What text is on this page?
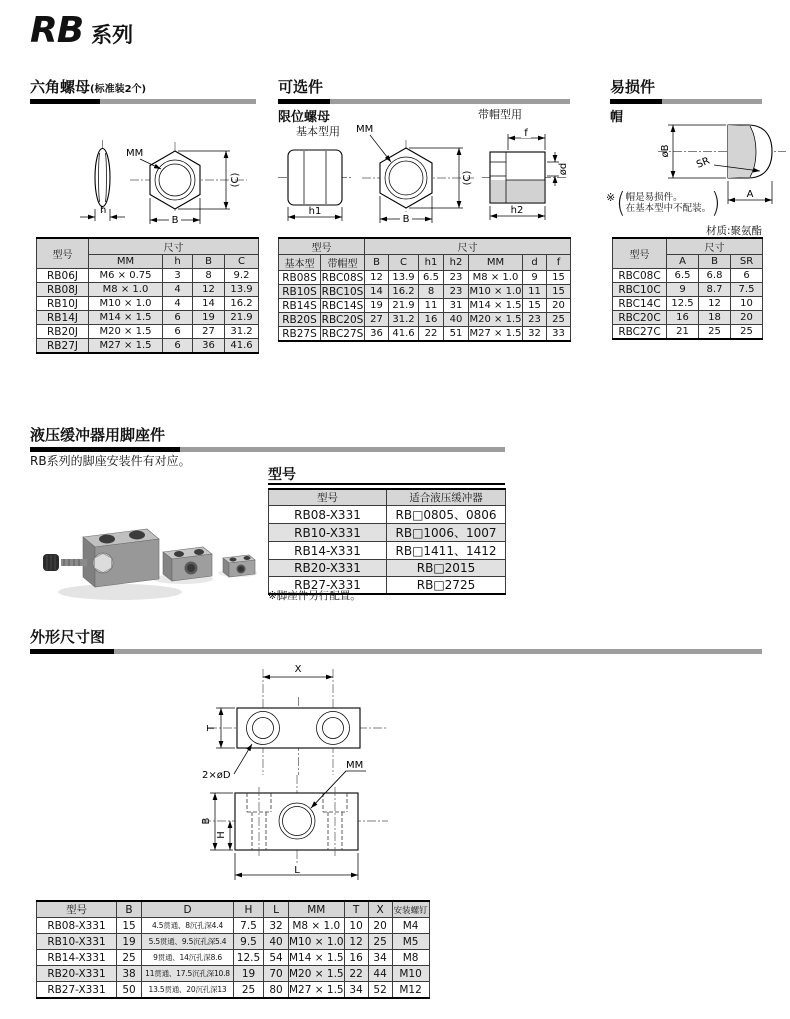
RB 系列
六角螺母(标准装2个)
h
MM
(C)
B
型号	尺寸			
	MM	h	B	C
RB06J	M6 × 0.75	3	8	9.2
RB08J	M8 × 1.0	4	12	13.9
RB10J	M10 × 1.0	4	14	16.2
RB14J	M14 × 1.5	6	19	21.9
RB20J	M20 × 1.5	6	27	31.2
RB27J	M27 × 1.5	6	36	41.6
可选件
限位螺母
基本型用
带帽型用
h1
MM
(C)
B
f
ød
h2
型号		尺寸						
基本型	带帽型	B	C	h1	h2	MM	d	f
RB08S	RBC08S	12	13.9	6.5	23	M8 × 1.0	9	15
RB10S	RBC10S	14	16.2	8	23	M10 × 1.0	11	15
RB14S	RBC14S	19	21.9	11	31	M14 × 1.5	15	20
RB20S	RBC20S	27	31.2	16	40	M20 × 1.5	23	25
RB27S	RBC27S	36	41.6	22	51	M27 × 1.5	32	33
易损件
帽
øB
SR
A
※ ( 帽是易损件。
在基本型中不配装。 )
材质:聚氨酯
型号	尺寸		
	A	B	SR
RBC08C	6.5	6.8	6
RBC10C	9	8.7	7.5
RBC14C	12.5	12	10
RBC20C	16	18	20
RBC27C	21	25	25
液压缓冲器用脚座件
RB系列的脚座安装件有对应。
型号
型号	适合液压缓冲器
RB08-X331	RB□0805、0806
RB10-X331	RB□1006、1007
RB14-X331	RB□1411、1412
RB20-X331	RB□2015
RB27-X331	RB□2725
※脚座件另行配置。
外形尺寸图
X
T
2×øD
MM
B
H
L
型号	B	D	H	L	MM	T	X	安装螺钉
RB08-X331	15	4.5贯通、8沉孔深4.4	7.5	32	M8 × 1.0	10	20	M4
RB10-X331	19	5.5贯通、9.5沉孔深5.4	9.5	40	M10 × 1.0	12	25	M5
RB14-X331	25	9贯通、14沉孔深8.6	12.5	54	M14 × 1.5	16	34	M8
RB20-X331	38	11贯通、17.5沉孔深10.8	19	70	M20 × 1.5	22	44	M10
RB27-X331	50	13.5贯通、20沉孔深13	25	80	M27 × 1.5	34	52	M12
